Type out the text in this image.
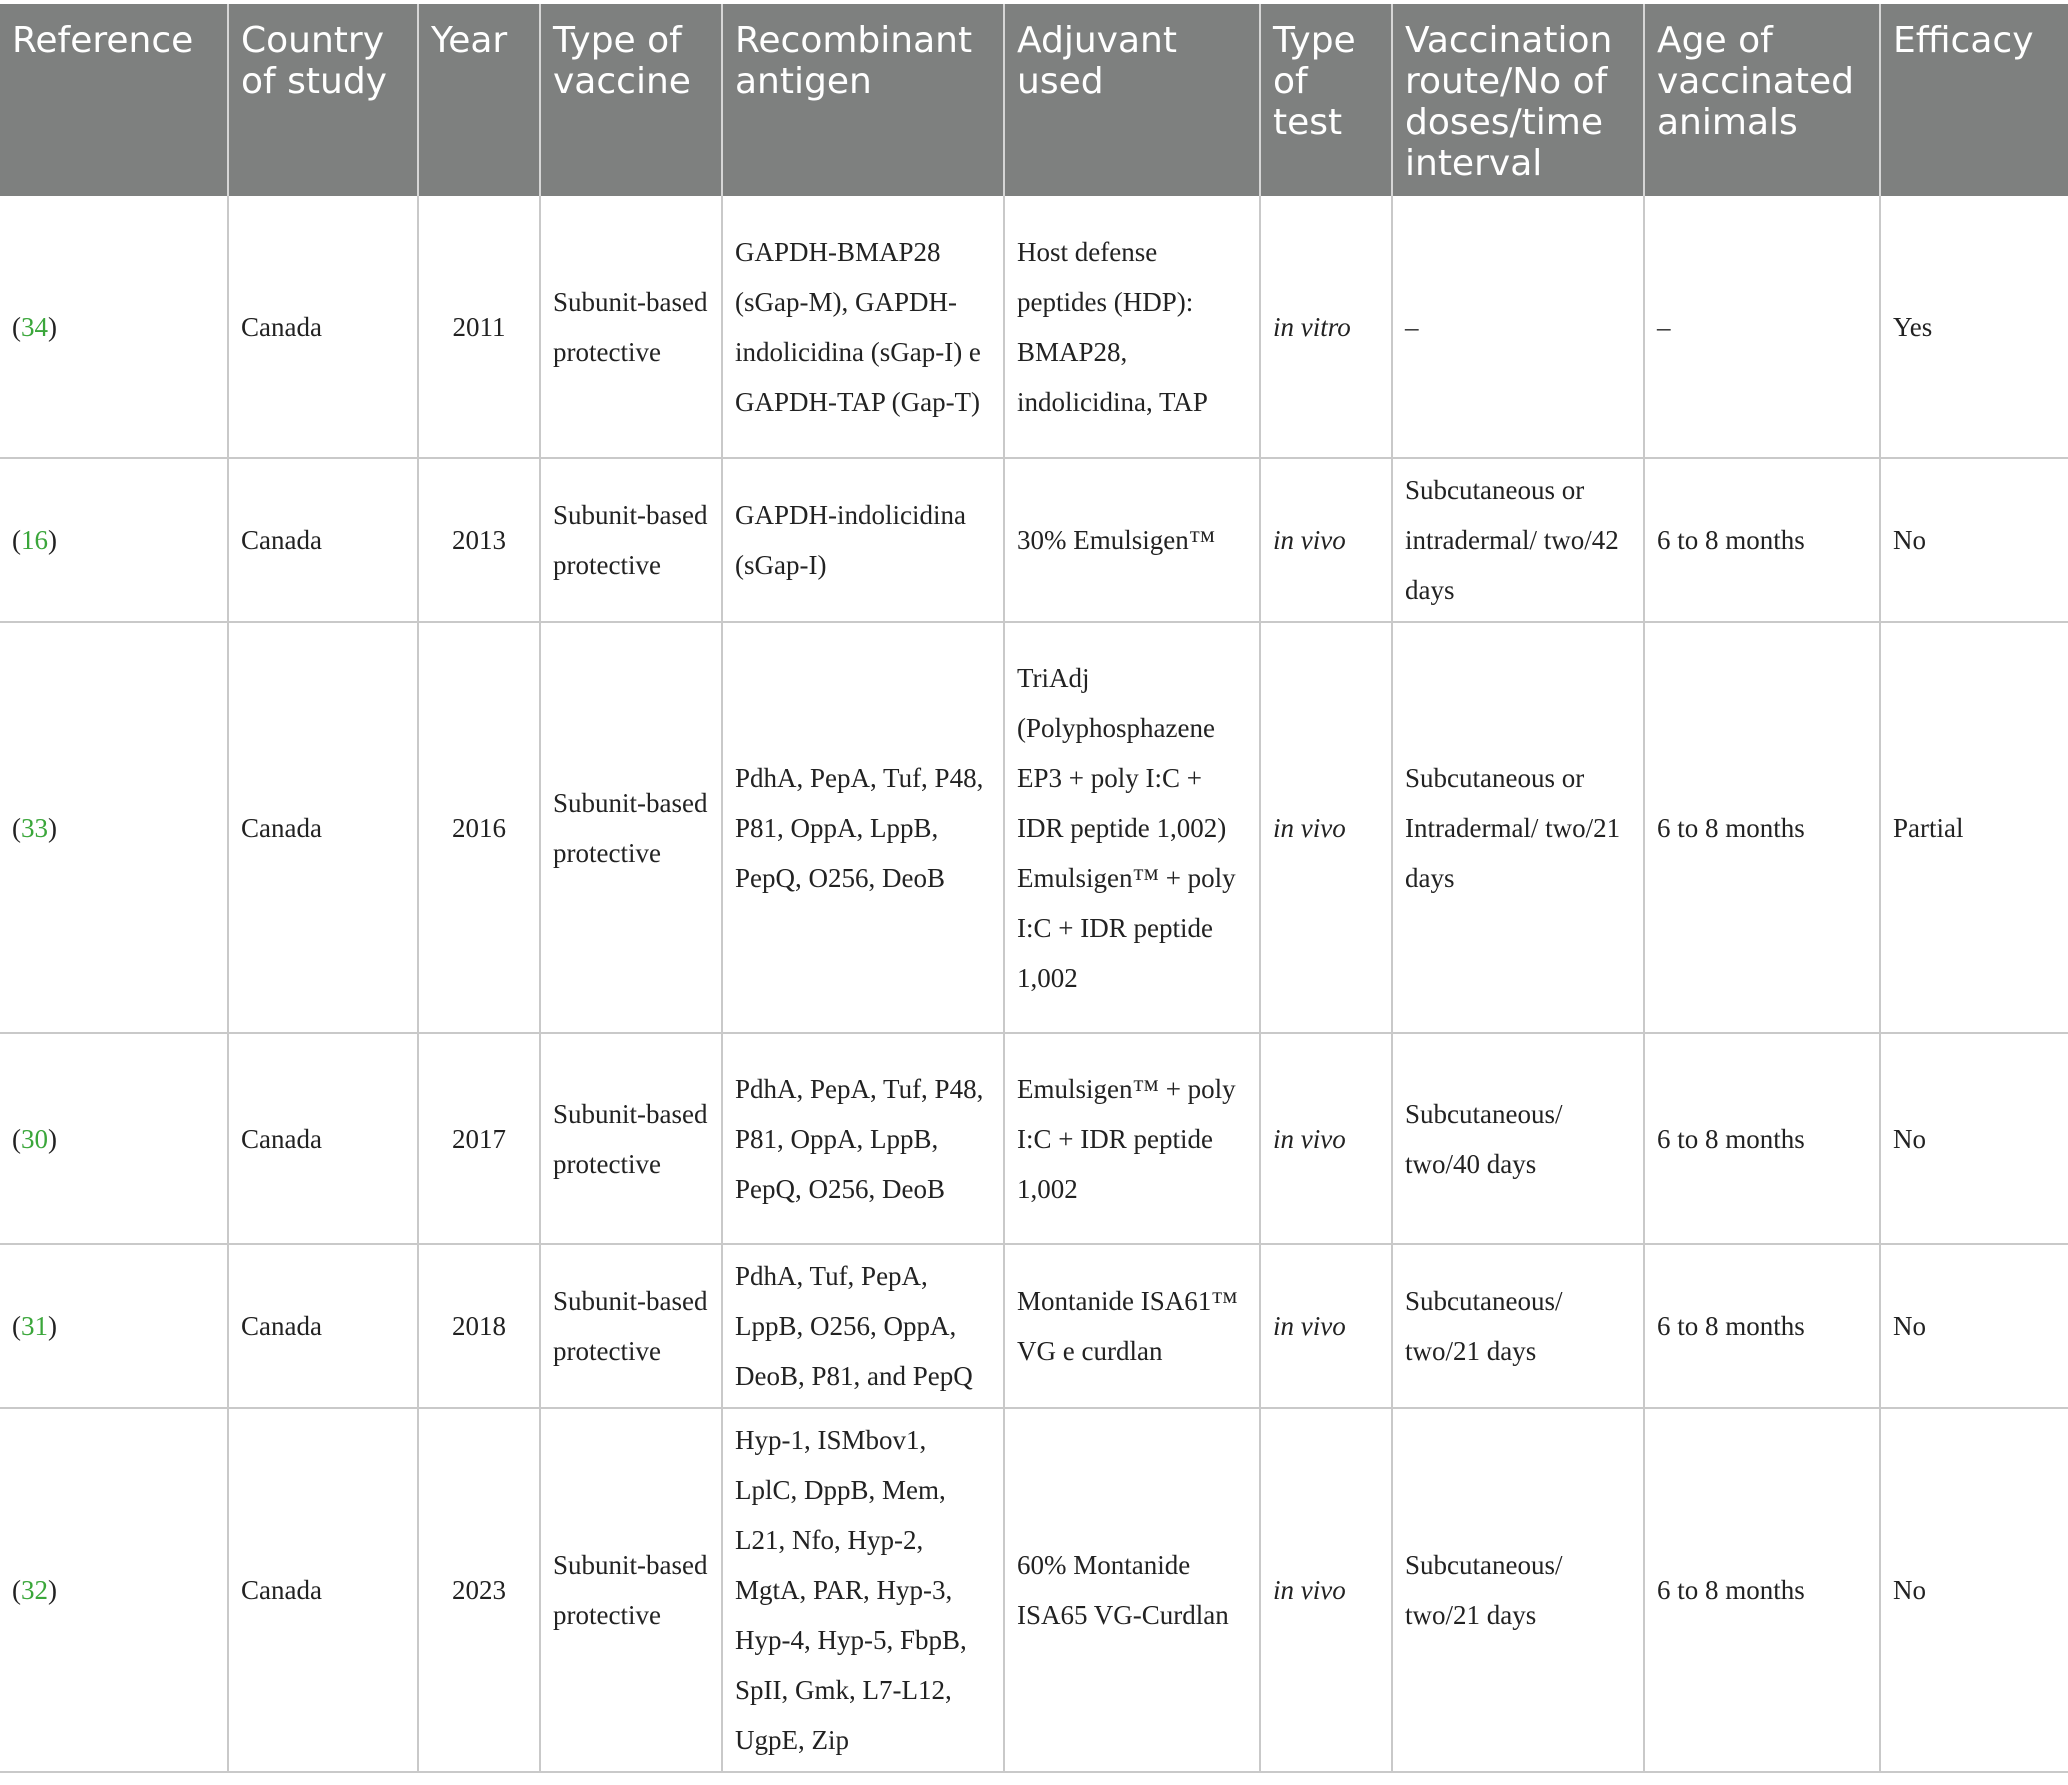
Reference	Country of study	Year	Type of vaccine	Recombinant antigen	Adjuvant used	Type of test	Vaccination route/No of doses/time interval	Age of vaccinated animals	Efficacy
(34)	Canada	2011	Subunit-based protective	GAPDH-BMAP28 (sGap-M), GAPDH-indolicidina (sGap-I) e GAPDH-TAP (Gap-T)	Host defense peptides (HDP): BMAP28, indolicidina, TAP	in vitro	–	–	Yes
(16)	Canada	2013	Subunit-based protective	GAPDH-indolicidina (sGap-I)	30% Emulsigen™	in vivo	Subcutaneous or intradermal/ two/42 days	6 to 8 months	No
(33)	Canada	2016	Subunit-based protective	PdhA, PepA, Tuf, P48, P81, OppA, LppB, PepQ, O256, DeoB	TriAdj (Polyphosphazene EP3 + poly I:C + IDR peptide 1,002) Emulsigen™ + poly I:C + IDR peptide 1,002	in vivo	Subcutaneous or Intradermal/ two/21 days	6 to 8 months	Partial
(30)	Canada	2017	Subunit-based protective	PdhA, PepA, Tuf, P48, P81, OppA, LppB, PepQ, O256, DeoB	Emulsigen™ + poly I:C + IDR peptide 1,002	in vivo	Subcutaneous/ two/40 days	6 to 8 months	No
(31)	Canada	2018	Subunit-based protective	PdhA, Tuf, PepA, LppB, O256, OppA, DeoB, P81, and PepQ	Montanide ISA61™ VG e curdlan	in vivo	Subcutaneous/ two/21 days	6 to 8 months	No
(32)	Canada	2023	Subunit-based protective	Hyp-1, ISMbov1, LplC, DppB, Mem, L21, Nfo, Hyp-2, MgtA, PAR, Hyp-3, Hyp-4, Hyp-5, FbpB, SpII, Gmk, L7-L12, UgpE, Zip	60% Montanide ISA65 VG-Curdlan	in vivo	Subcutaneous/ two/21 days	6 to 8 months	No
